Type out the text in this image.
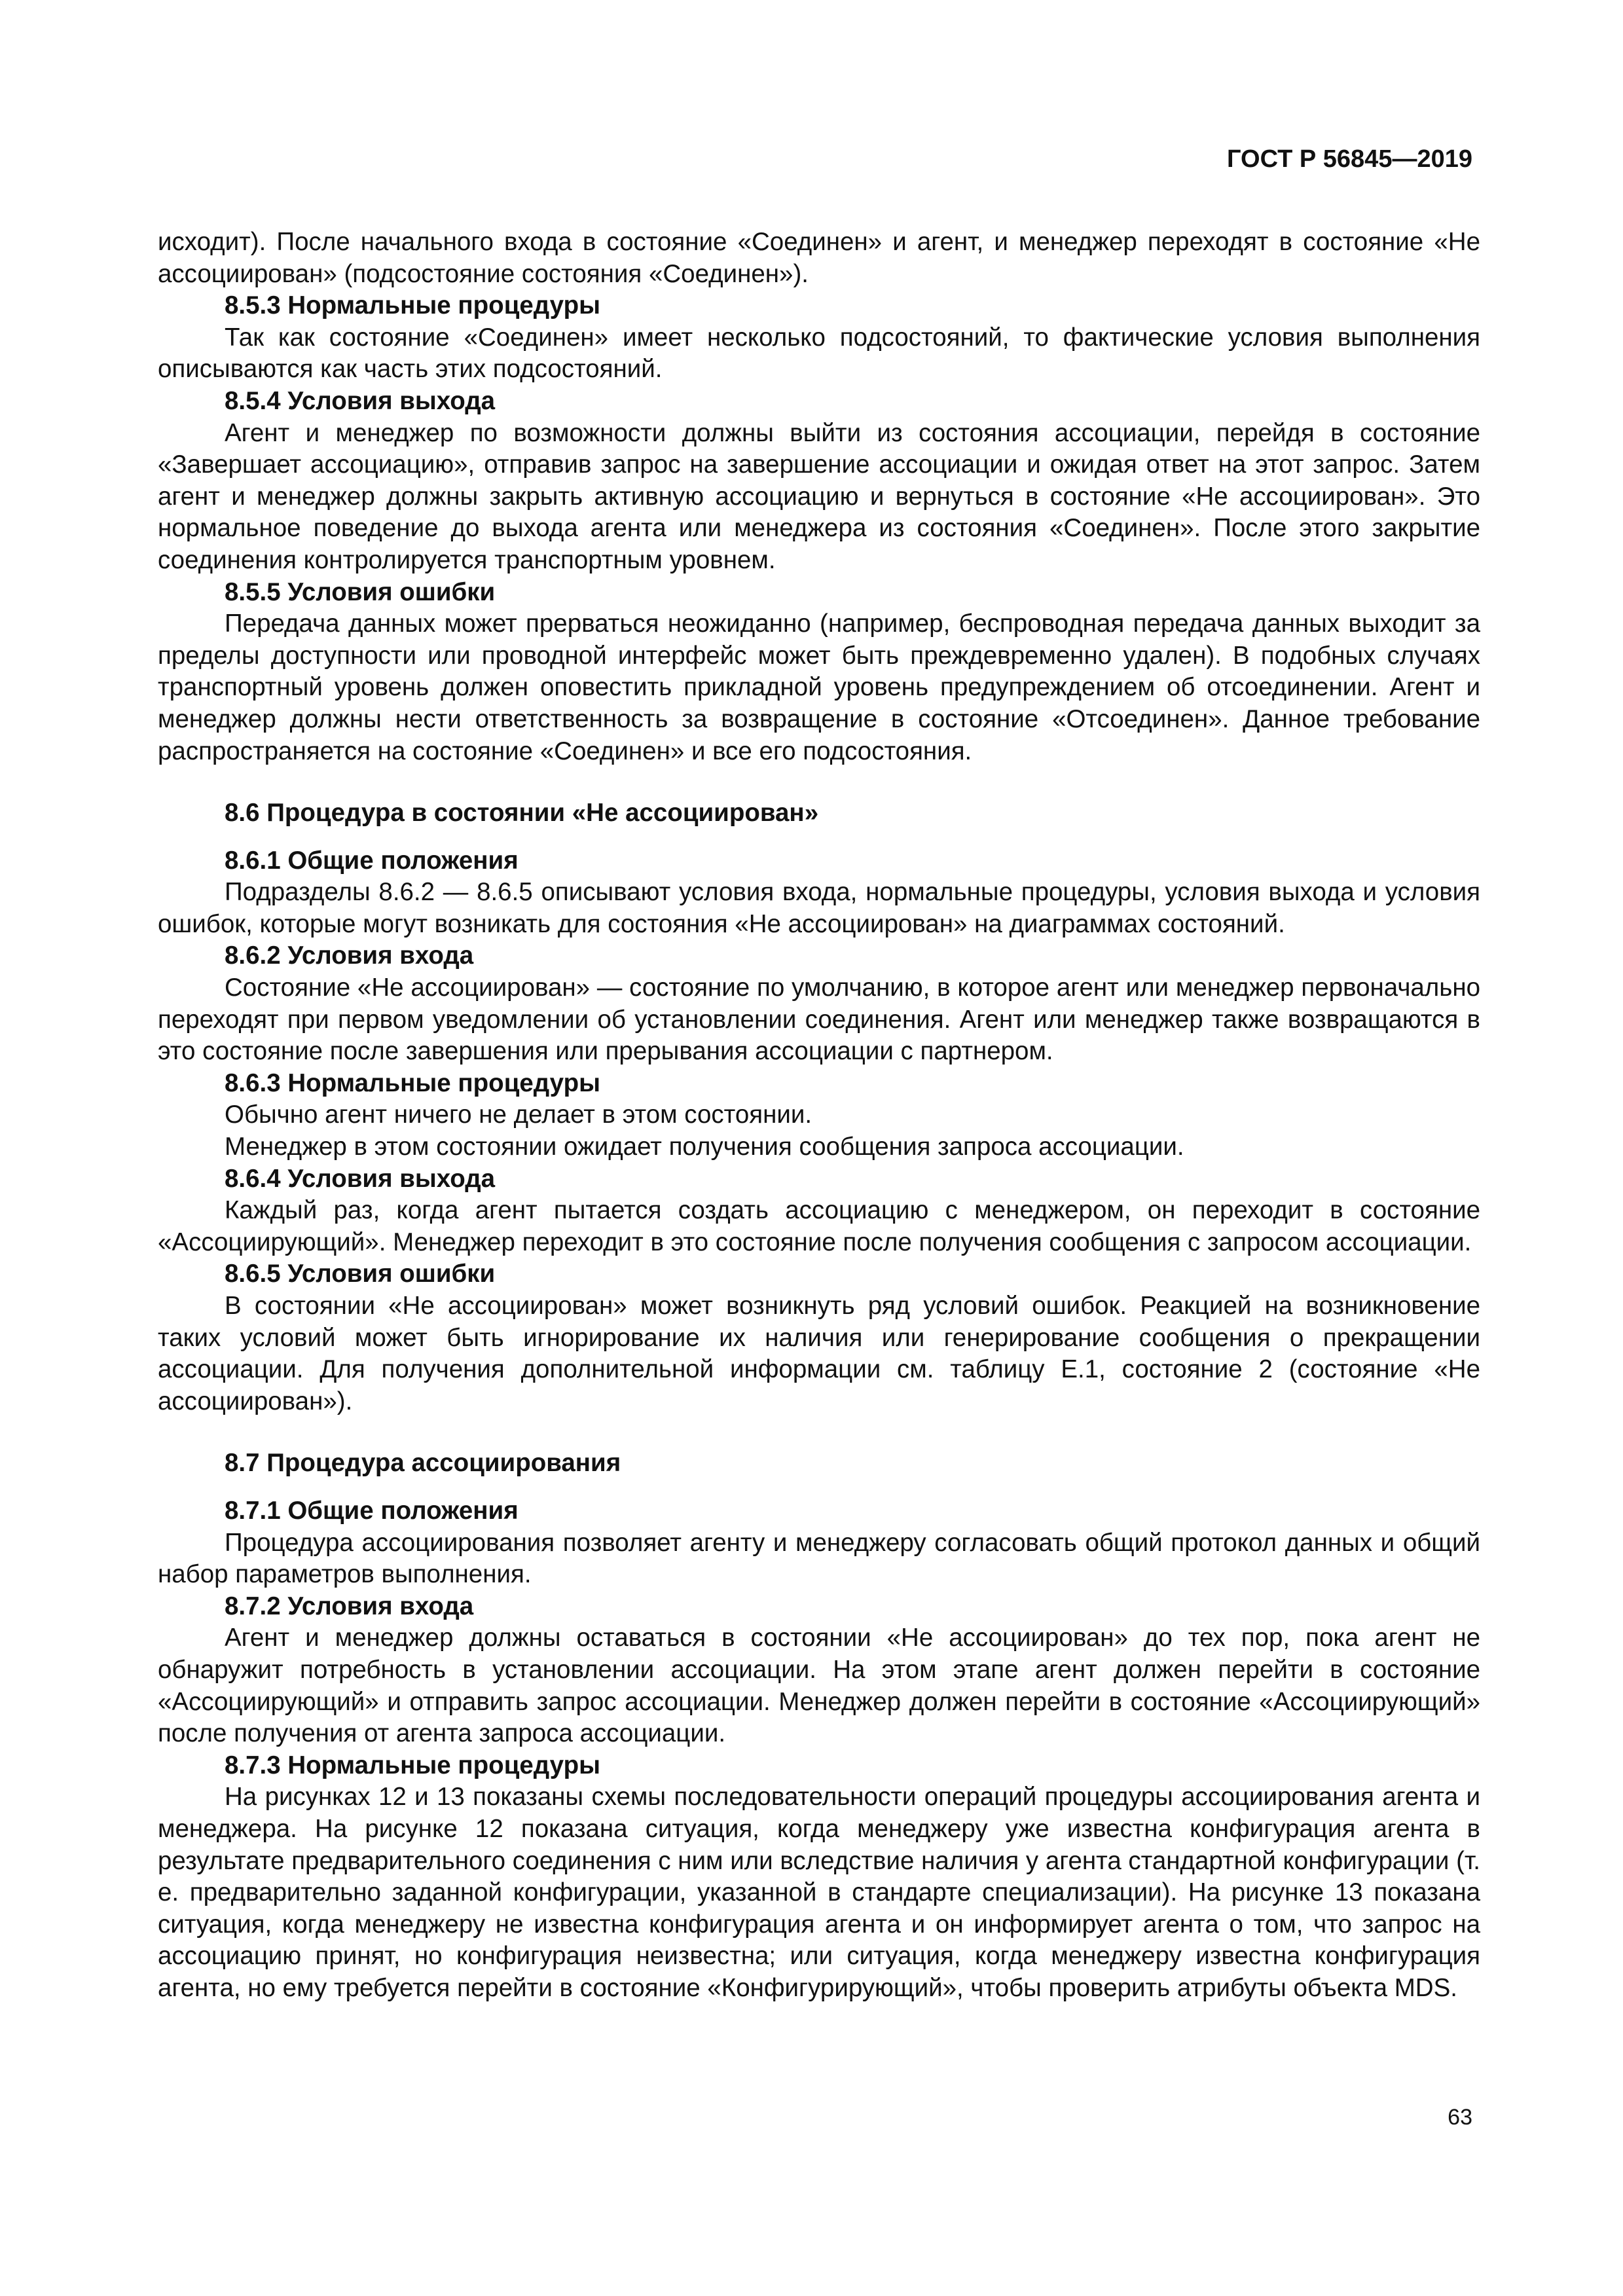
ГОСТ Р 56845—2019

исходит). После начального входа в состояние «Соединен» и агент, и менеджер переходят в состояние «Не ассоциирован» (подсостояние состояния «Соединен»).

8.5.3 Нормальные процедуры

Так как состояние «Соединен» имеет несколько подсостояний, то фактические условия выполнения описываются как часть этих подсостояний.

8.5.4 Условия выхода

Агент и менеджер по возможности должны выйти из состояния ассоциации, перейдя в состояние «Завершает ассоциацию», отправив запрос на завершение ассоциации и ожидая ответ на этот запрос. Затем агент и менеджер должны закрыть активную ассоциацию и вернуться в состояние «Не ассоциирован». Это нормальное поведение до выхода агента или менеджера из состояния «Соединен». После этого закрытие соединения контролируется транспортным уровнем.

8.5.5 Условия ошибки

Передача данных может прерваться неожиданно (например, беспроводная передача данных выходит за пределы доступности или проводной интерфейс может быть преждевременно удален). В подобных случаях транспортный уровень должен оповестить прикладной уровень предупреждением об отсоединении. Агент и менеджер должны нести ответственность за возвращение в состояние «Отсоединен». Данное требование распространяется на состояние «Соединен» и все его подсостояния.

8.6 Процедура в состоянии «Не ассоциирован»
8.6.1 Общие положения

Подразделы 8.6.2 — 8.6.5 описывают условия входа, нормальные процедуры, условия выхода и условия ошибок, которые могут возникать для состояния «Не ассоциирован» на диаграммах состояний.

8.6.2 Условия входа

Состояние «Не ассоциирован» — состояние по умолчанию, в которое агент или менеджер первоначально переходят при первом уведомлении об установлении соединения. Агент или менеджер также возвращаются в это состояние после завершения или прерывания ассоциации с партнером.

8.6.3 Нормальные процедуры

Обычно агент ничего не делает в этом состоянии.

Менеджер в этом состоянии ожидает получения сообщения запроса ассоциации.

8.6.4 Условия выхода

Каждый раз, когда агент пытается создать ассоциацию с менеджером, он переходит в состояние «Ассоциирующий». Менеджер переходит в это состояние после получения сообщения с запросом ассоциации.

8.6.5 Условия ошибки

В состоянии «Не ассоциирован» может возникнуть ряд условий ошибок. Реакцией на возникновение таких условий может быть игнорирование их наличия или генерирование сообщения о прекращении ассоциации. Для получения дополнительной информации см. таблицу Е.1, состояние 2 (состояние «Не ассоциирован»).

8.7 Процедура ассоциирования
8.7.1 Общие положения

Процедура ассоциирования позволяет агенту и менеджеру согласовать общий протокол данных и общий набор параметров выполнения.

8.7.2 Условия входа

Агент и менеджер должны оставаться в состоянии «Не ассоциирован» до тех пор, пока агент не обнаружит потребность в установлении ассоциации. На этом этапе агент должен перейти в состояние «Ассоциирующий» и отправить запрос ассоциации. Менеджер должен перейти в состояние «Ассоциирующий» после получения от агента запроса ассоциации.

8.7.3 Нормальные процедуры

На рисунках 12 и 13 показаны схемы последовательности операций процедуры ассоциирования агента и менеджера. На рисунке 12 показана ситуация, когда менеджеру уже известна конфигурация агента в результате предварительного соединения с ним или вследствие наличия у агента стандартной конфигурации (т. е. предварительно заданной конфигурации, указанной в стандарте специализации). На рисунке 13 показана ситуация, когда менеджеру не известна конфигурация агента и он информирует агента о том, что запрос на ассоциацию принят, но конфигурация неизвестна; или ситуация, когда менеджеру известна конфигурация агента, но ему требуется перейти в состояние «Конфигурирующий», чтобы проверить атрибуты объекта MDS.

63
